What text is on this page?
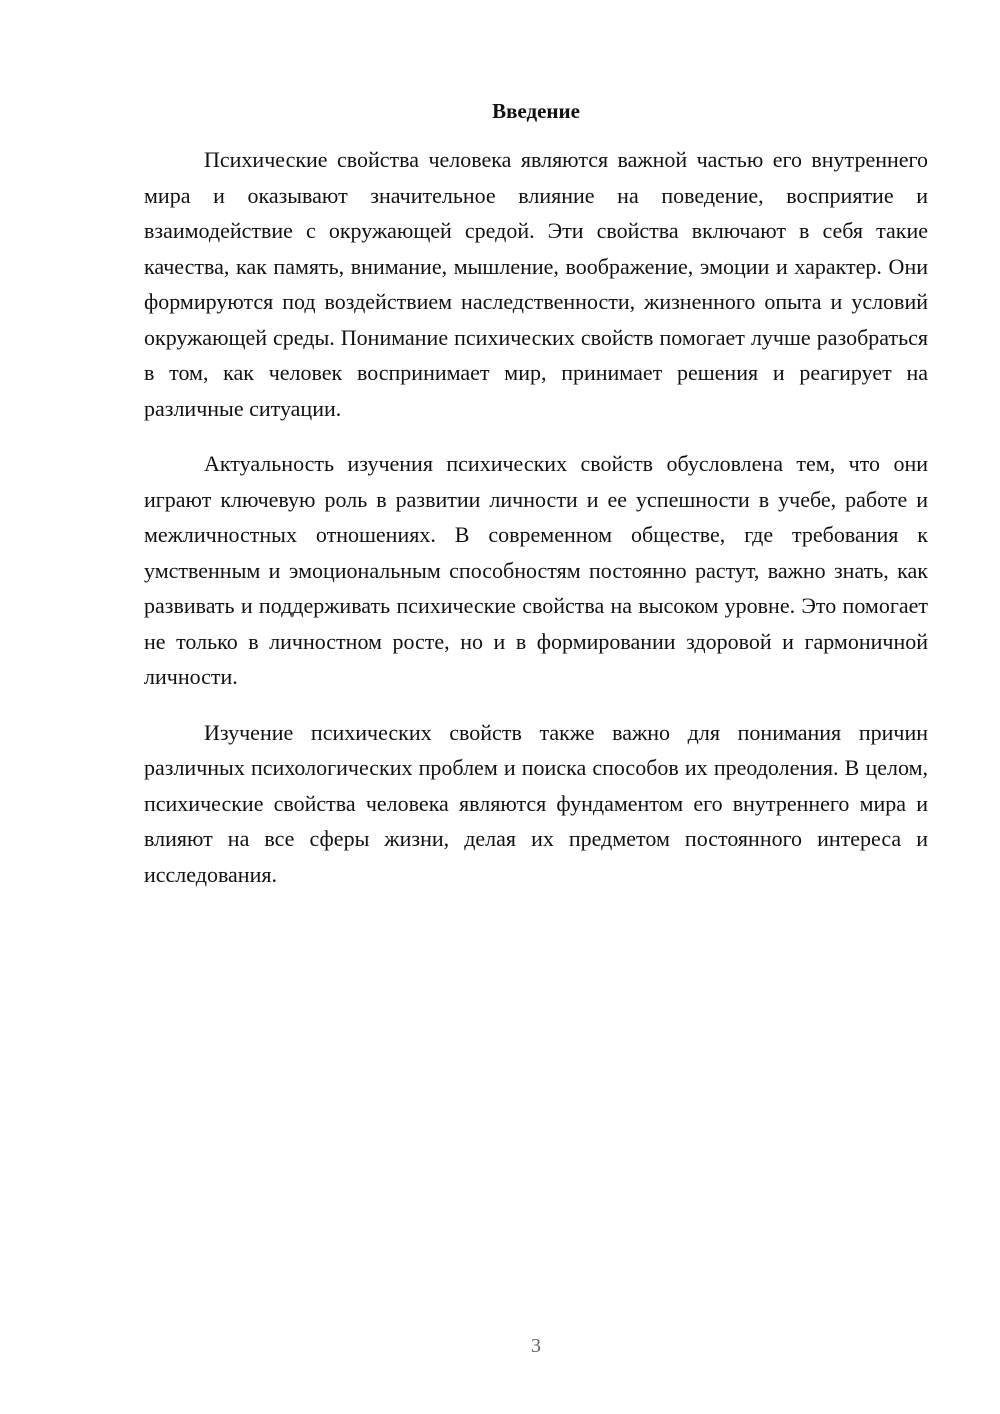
Введение

Психические свойства человека являются важной частью его внутреннего мира и оказывают значительное влияние на поведение, восприятие и взаимодействие с окружающей средой. Эти свойства включают в себя такие качества, как память, внимание, мышление, воображение, эмоции и характер. Они формируются под воздействием наследственности, жизненного опыта и условий окружающей среды. Понимание психических свойств помогает лучше разобраться в том, как человек воспринимает мир, принимает решения и реагирует на различные ситуации.

Актуальность изучения психических свойств обусловлена тем, что они играют ключевую роль в развитии личности и ее успешности в учебе, работе и межличностных отношениях. В современном обществе, где требования к умственным и эмоциональным способностям постоянно растут, важно знать, как развивать и поддерживать психические свойства на высоком уровне. Это помогает не только в личностном росте, но и в формировании здоровой и гармоничной личности.

Изучение психических свойств также важно для понимания причин различных психологических проблем и поиска способов их преодоления. В целом, психические свойства человека являются фундаментом его внутреннего мира и влияют на все сферы жизни, делая их предметом постоянного интереса и исследования.

3
